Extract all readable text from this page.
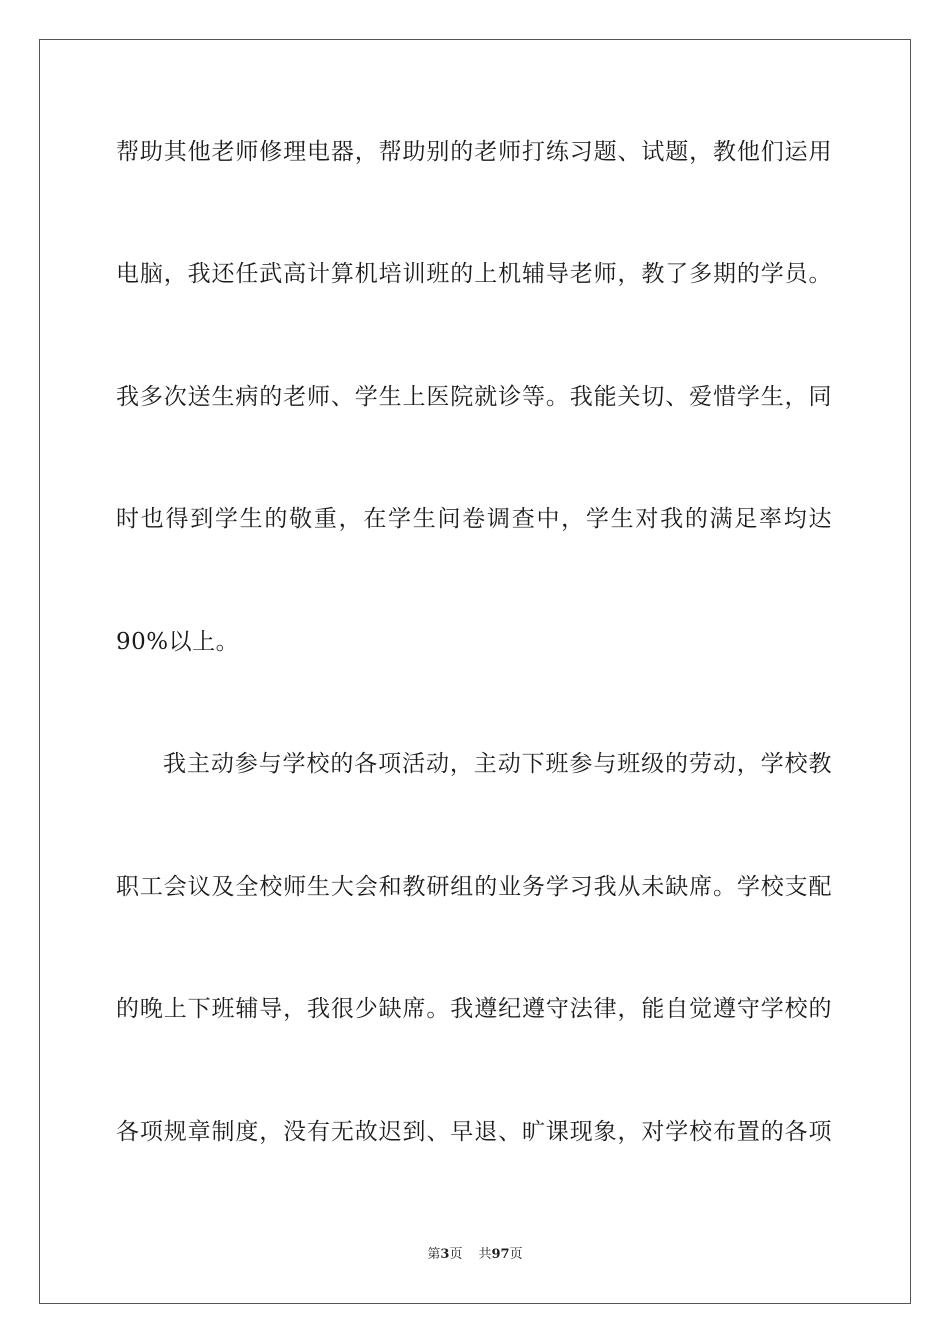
帮助其他老师修理电器，帮助别的老师打练习题、试题，教他们运用
电脑，我还任武高计算机培训班的上机辅导老师，教了多期的学员。
我多次送生病的老师、学生上医院就诊等。我能关切、爱惜学生，同
时也得到学生的敬重，在学生问卷调查中，学生对我的满足率均达
90%以上。
我主动参与学校的各项活动，主动下班参与班级的劳动，学校教
职工会议及全校师生大会和教研组的业务学习我从未缺席。学校支配
的晚上下班辅导，我很少缺席。我遵纪遵守法律，能自觉遵守学校的
各项规章制度，没有无故迟到、早退、旷课现象，对学校布置的各项
第3页 共97页
